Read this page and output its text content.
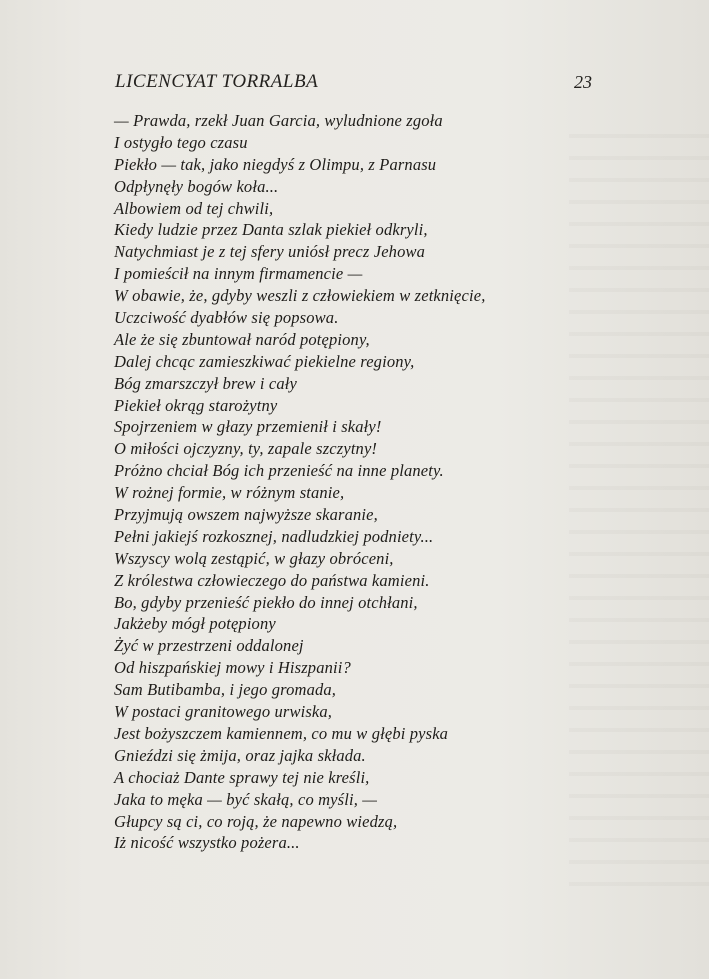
LICENCYAT TORRALBA	23
— Prawda, rzekł Juan Garcia, wyludnione zgoła
I ostygło tego czasu
Piekło — tak, jako niegdyś z Olimpu, z Parnasu
Odpłynęły bogów koła...
Albowiem od tej chwili,
Kiedy ludzie przez Danta szlak piekieł odkryli,
Natychmiast je z tej sfery uniósł precz Jehowa
I pomieścił na innym firmamencie —
W obawie, że, gdyby weszli z człowiekiem w zetknięcie,
Uczciwość dyabłów się popsowa.
Ale że się zbuntował naród potępiony,
Dalej chcąc zamieszkiwać piekielne regiony,
Bóg zmarszczył brew i cały
Piekieł okrąg starożytny
Spojrzeniem w głazy przemienił i skały!
O miłości ojczyzny, ty, zapale szczytny!
Próżno chciał Bóg ich przenieść na inne planety.
W rożnej formie, w różnym stanie,
Przyjmują owszem najwyższe skaranie,
Pełni jakiejś rozkosznej, nadludzkiej podniety...
Wszyscy wolą zestąpić, w głazy obróceni,
Z królestwa człowieczego do państwa kamieni.
Bo, gdyby przenieść piekło do innej otchłani,
Jakżeby mógł potępiony
Żyć w przestrzeni oddalonej
Od hiszpańskiej mowy i Hiszpanii?
Sam Butibamba, i jego gromada,
W postaci granitowego urwiska,
Jest bożyszczem kamiennem, co mu w głębi pyska
Gnieździ się żmija, oraz jajka składa.
A chociaż Dante sprawy tej nie kreśli,
Jaka to męka — być skałą, co myśli, —
Głupcy są ci, co roją, że napewno wiedzą,
Iż nicość wszystko pożera...
